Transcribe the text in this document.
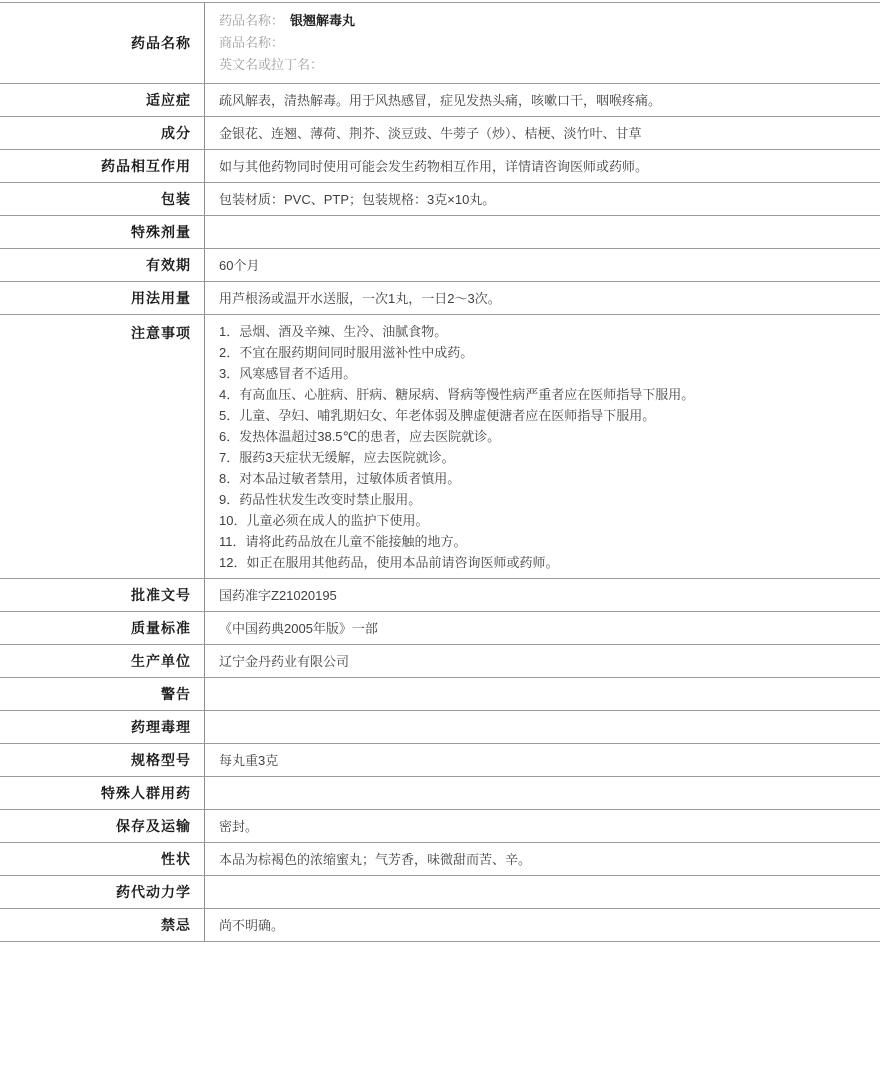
药品名称
药品名称： 银翘解毒丸
商品名称：
英文名或拉丁名：
适应症	疏风解表，清热解毒。用于风热感冒，症见发热头痛，咳嗽口干，咽喉疼痛。
成分	金银花、连翘、薄荷、荆芥、淡豆豉、牛蒡子（炒）、桔梗、淡竹叶、甘草
药品相互作用	如与其他药物同时使用可能会发生药物相互作用，详情请咨询医师或药师。
包装	包装材质：PVC、PTP；包装规格：3克×10丸。
特殊剂量
有效期	60个月
用法用量	用芦根汤或温开水送服，一次1丸，一日2～3次。
注意事项	1．忌烟、酒及辛辣、生冷、油腻食物。
2．不宜在服药期间同时服用滋补性中成药。
3．风寒感冒者不适用。
4．有高血压、心脏病、肝病、糖尿病、肾病等慢性病严重者应在医师指导下服用。
5．儿童、孕妇、哺乳期妇女、年老体弱及脾虚便溏者应在医师指导下服用。
6．发热体温超过38.5℃的患者，应去医院就诊。
7．服药3天症状无缓解，应去医院就诊。
8．对本品过敏者禁用，过敏体质者慎用。
9．药品性状发生改变时禁止服用。
10．儿童必须在成人的监护下使用。
11．请将此药品放在儿童不能接触的地方。
12．如正在服用其他药品，使用本品前请咨询医师或药师。
批准文号	国药准字Z21020195
质量标准	《中国药典2005年版》一部
生产单位	辽宁金丹药业有限公司
警告
药理毒理
规格型号	每丸重3克
特殊人群用药
保存及运输	密封。
性状	本品为棕褐色的浓缩蜜丸；气芳香，味微甜而苦、辛。
药代动力学
禁忌	尚不明确。
